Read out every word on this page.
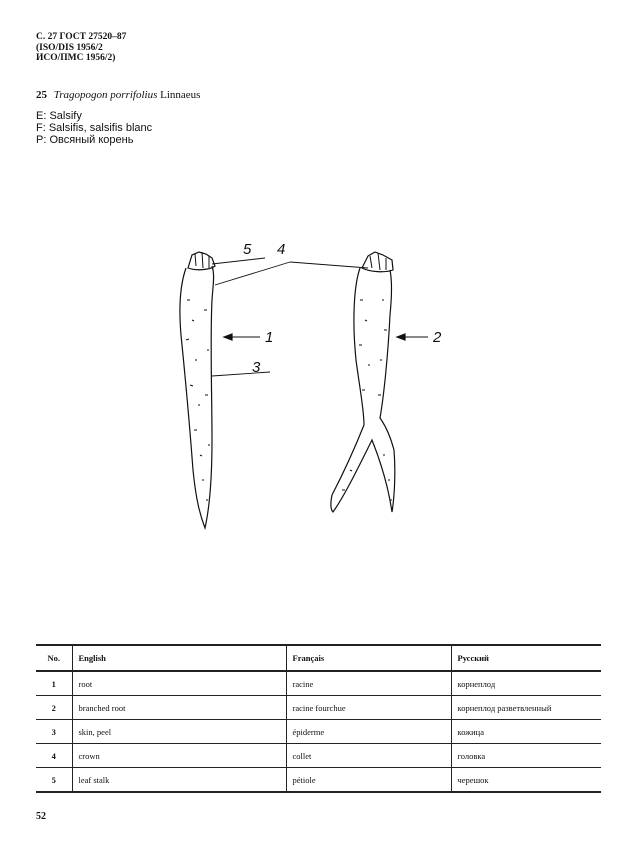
С. 27 ГОСТ 27520–87
(ISO/DIS 1956/2
ИСО/ПМС 1956/2)
25 Tragopogon porrifolius Linnaeus
E: Salsify
F: Salsifis, salsifis blanc
P: Овсяный корень
5 4
1
3
2
No.	English	Français	Русский
1	root	racine	корнеплод
2	branched root	racine fourchue	корнеплод разветвленный
3	skin, peel	épiderme	кожица
4	crown	collet	головка
5	leaf stalk	pétiole	черешок
52
